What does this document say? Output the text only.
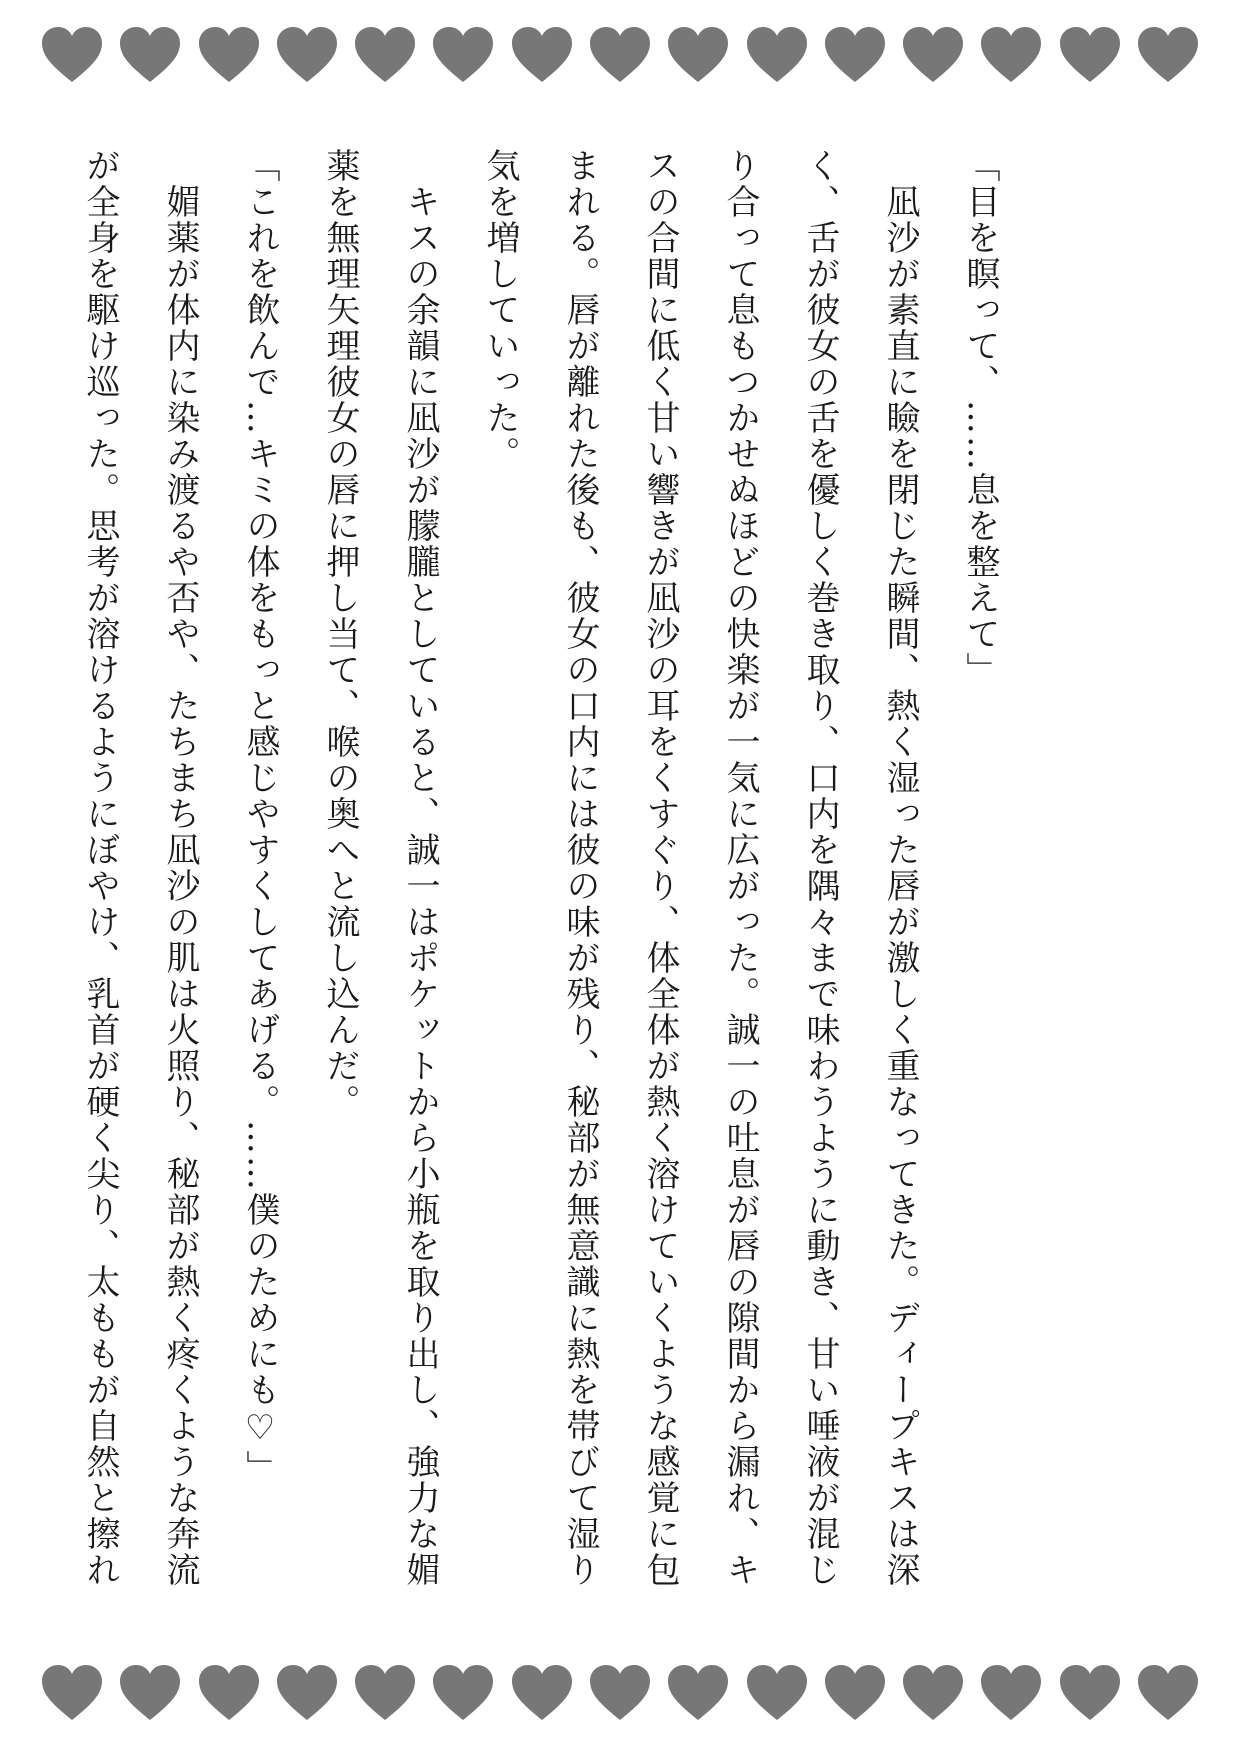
「目を瞑って、……息を整えて」

　凪沙が素直に瞼を閉じた瞬間、熱く湿った唇が激しく重なってきた。ディープキスは深く、舌が彼女の舌を優しく巻き取り、口内を隅々まで味わうように動き、甘い唾液が混じり合って息もつかせぬほどの快楽が一気に広がった。誠一の吐息が唇の隙間から漏れ、キスの合間に低く甘い響きが凪沙の耳をくすぐり、体全体が熱く溶けていくような感覚に包まれる。唇が離れた後も、彼女の口内には彼の味が残り、秘部が無意識に熱を帯びて湿り気を増していった。

　キスの余韻に凪沙が朦朧としていると、誠一はポケットから小瓶を取り出し、強力な媚薬を無理矢理彼女の唇に押し当て、喉の奥へと流し込んだ。

「これを飲んで…キミの体をもっと感じやすくしてあげる。……僕のためにも♡」

　媚薬が体内に染み渡るや否や、たちまち凪沙の肌は火照り、秘部が熱く疼くような奔流が全身を駆け巡った。思考が溶けるようにぼやけ、乳首が硬く尖り、太ももが自然と擦れ
